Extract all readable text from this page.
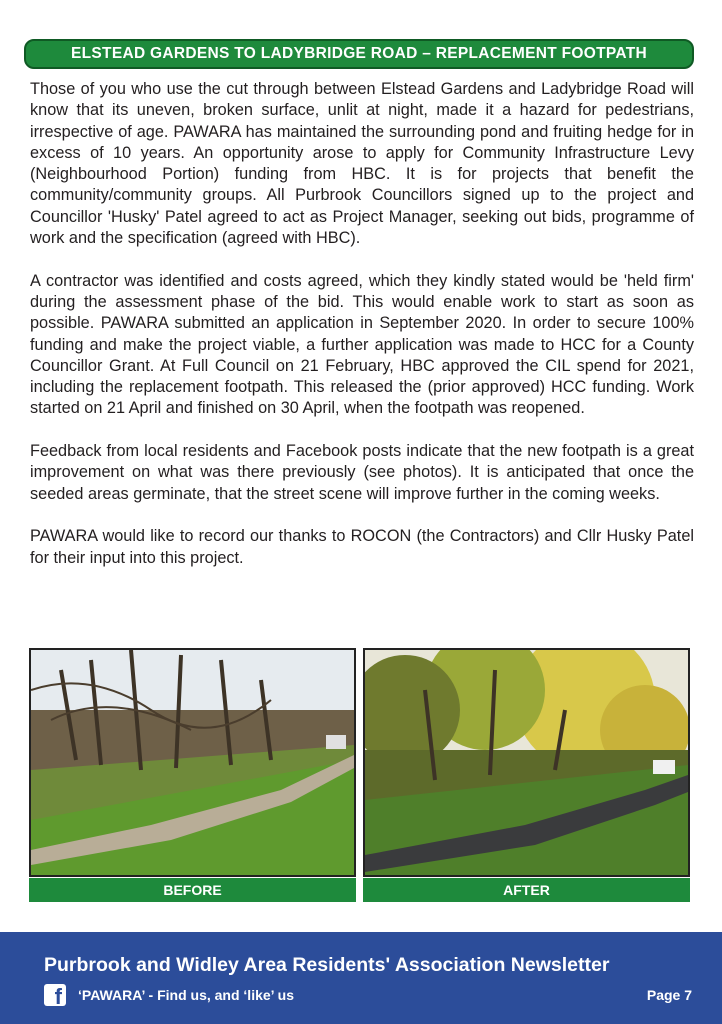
ELSTEAD GARDENS TO LADYBRIDGE ROAD – REPLACEMENT FOOTPATH

Those of you who use the cut through between Elstead Gardens and Ladybridge Road will know that its uneven, broken surface, unlit at night, made it a hazard for pedestrians, irrespective of age. PAWARA has maintained the surrounding pond and fruiting hedge for in excess of 10 years. An opportunity arose to apply for Community Infrastructure Levy (Neighbourhood Portion) funding from HBC. It is for projects that benefit the community/community groups. All Purbrook Councillors signed up to the project and Councillor 'Husky' Patel agreed to act as Project Manager, seeking out bids, programme of work and the specification (agreed with HBC).

A contractor was identified and costs agreed, which they kindly stated would be 'held firm' during the assessment phase of the bid. This would enable work to start as soon as possible. PAWARA submitted an application in September 2020. In order to secure 100% funding and make the project viable, a further application was made to HCC for a County Councillor Grant. At Full Council on 21 February, HBC approved the CIL spend for 2021, including the replacement footpath. This released the (prior approved) HCC funding. Work started on 21 April and finished on 30 April, when the footpath was reopened.

Feedback from local residents and Facebook posts indicate that the new footpath is a great improvement on what was there previously (see photos). It is anticipated that once the seeded areas germinate, that the street scene will improve further in the coming weeks.

PAWARA would like to record our thanks to ROCON (the Contractors) and Cllr Husky Patel for their input into this project.

BEFORE	AFTER
Purbrook and Widley Area Residents' Association Newsletter
f ‘PAWARA’ - Find us, and ‘like’ us	Page 7
